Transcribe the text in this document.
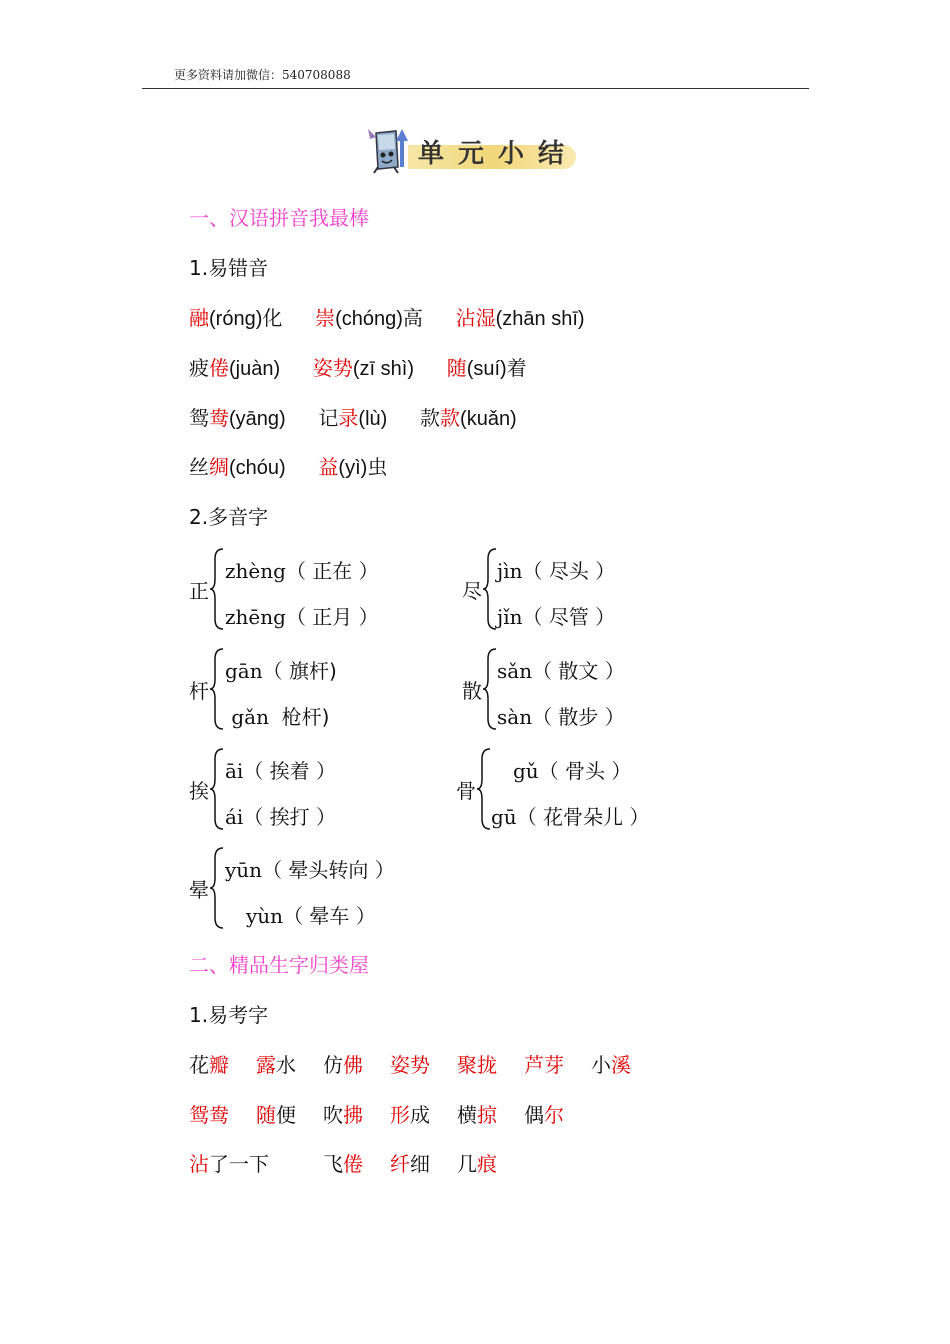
更多资料请加微信：540708088
单元小结
一、汉语拼音我最棒
1.易错音
融(róng)化 崇(chóng)高 沾湿(zhān shī)
疲倦(juàn) 姿势(zī shì) 随(suí)着
鸳鸯(yāng) 记录(lù) 款款(kuǎn)
丝绸(chóu) 益(yì)虫
2.多音字
正
zhèng（ 正在 ）
zhēng（ 正月 ）
尽
jìn（ 尽头 ）
jǐn（ 尽管 ）
杆
gān（ 旗杆)
gǎn  枪杆)
散
sǎn（ 散文 ）
sàn（ 散步 ）
挨
āi（ 挨着 ）
ái（ 挨打 ）
骨
gǔ（ 骨头 ）
gū（ 花骨朵儿 ）
晕
yūn（ 晕头转向 ）
yùn（ 晕车 ）
二、精品生字归类屋
1.易考字
花瓣 露水 仿佛 姿势 聚拢 芦芽 小溪
鸳鸯 随便 吹拂 形成 横掠 偶尔
沾了一下	飞倦 纤细 几痕
